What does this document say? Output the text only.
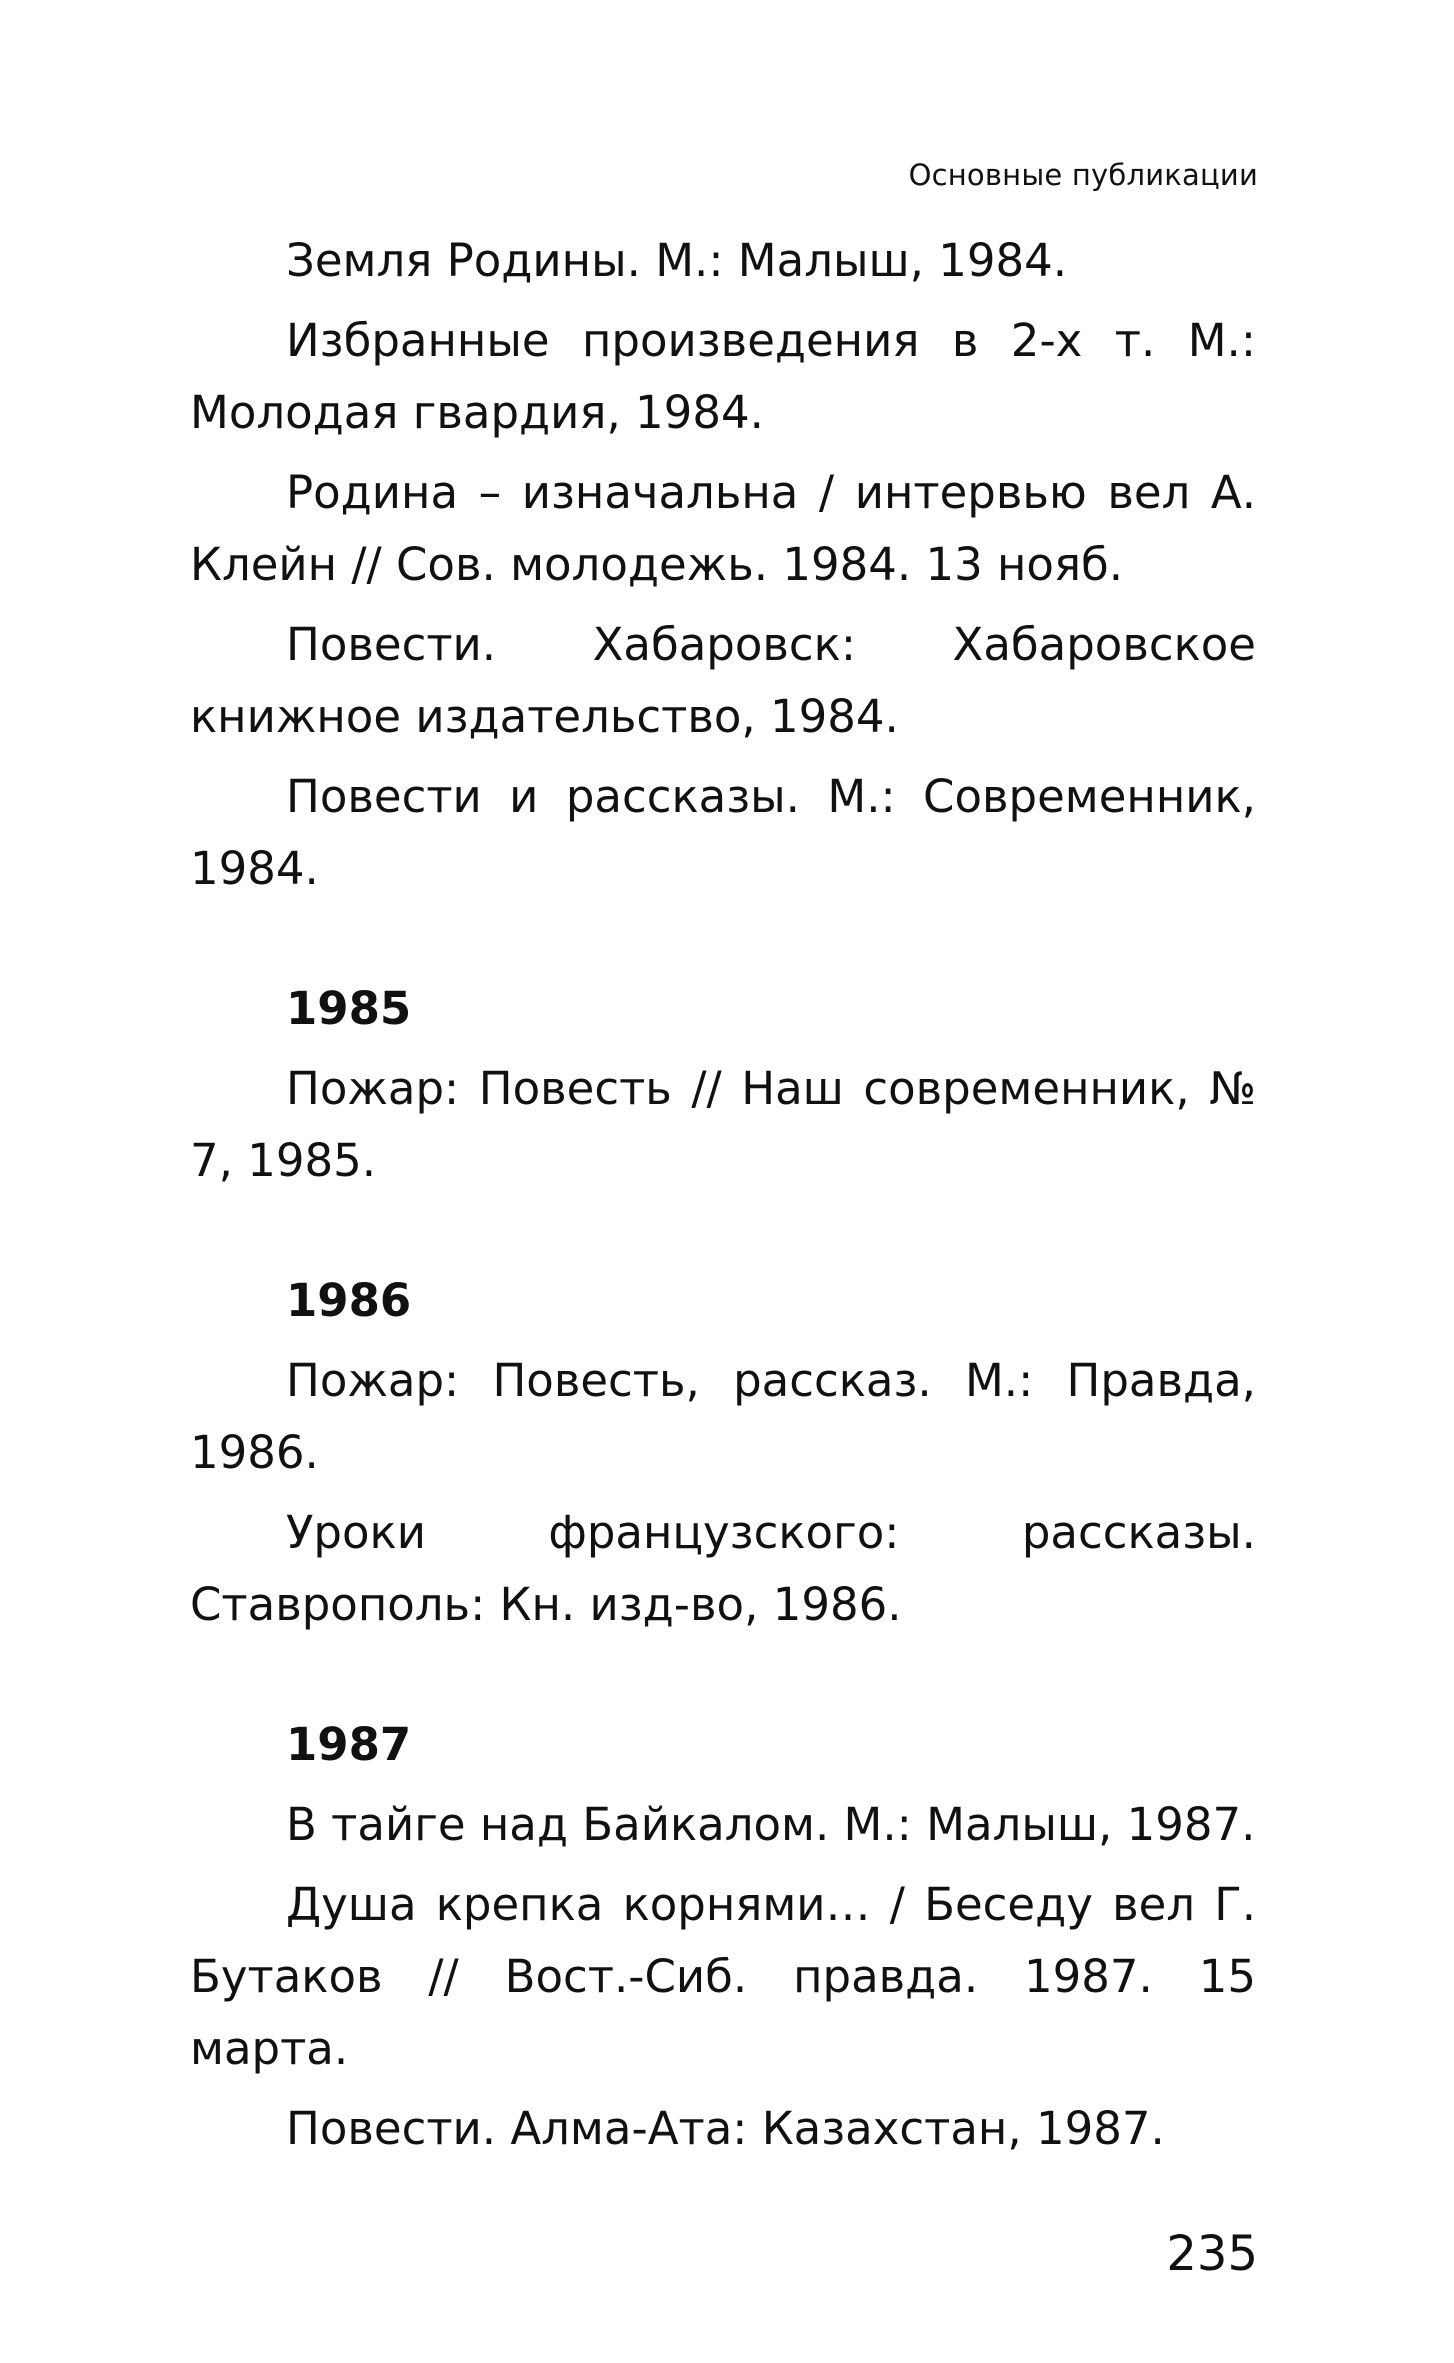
Основные публикации

Земля Родины. М.: Малыш, 1984.

Избранные произведения в 2-х т. М.: Молодая гвардия, 1984.

Родина – изначальна / интервью вел А. Клейн // Сов. молодежь. 1984. 13 нояб.

Повести. Хабаровск: Хабаровское книжное издательство, 1984.

Повести и рассказы. М.: Современник, 1984.

1985

Пожар: Повесть // Наш современник, № 7, 1985.

1986

Пожар: Повесть, рассказ. М.: Правда, 1986.

Уроки французского: рассказы. Ставрополь: Кн. изд-во, 1986.

1987

В тайге над Байкалом. М.: Малыш, 1987.

Душа крепка корнями… / Беседу вел Г. Бутаков // Вост.-Сиб. правда. 1987. 15 марта.

Повести. Алма-Ата: Казахстан, 1987.

235
